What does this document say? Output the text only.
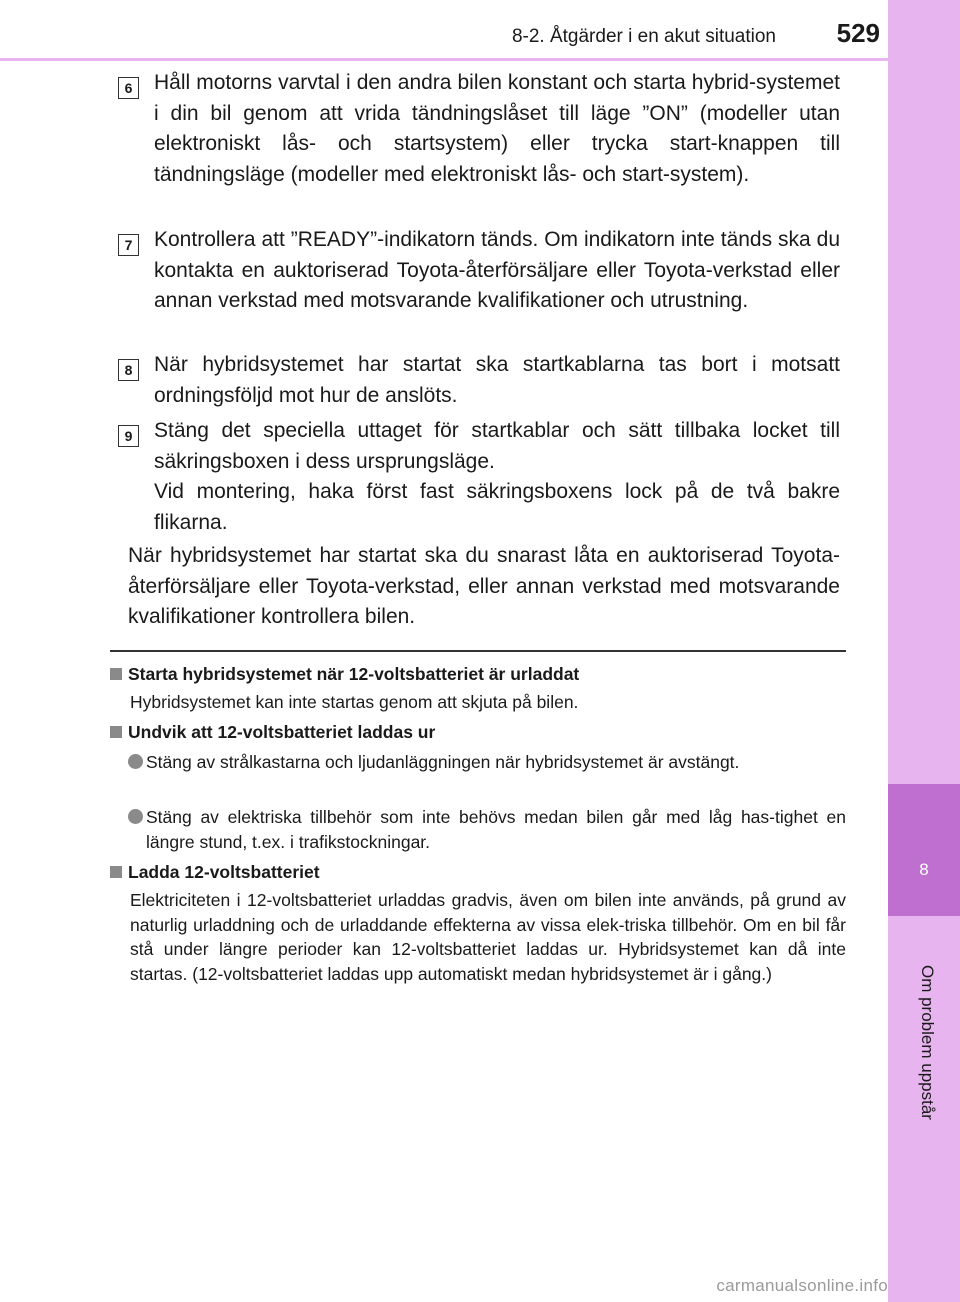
8-2. Åtgärder i en akut situation	529
8
Om problem uppstår
6	Håll motorns varvtal i den andra bilen konstant och starta hybrid-systemet i din bil genom att vrida tändningslåset till läge ”ON” (modeller utan elektroniskt lås- och startsystem) eller trycka start-knappen till tändningsläge (modeller med elektroniskt lås- och start-system).

7	Kontrollera att ”READY”-indikatorn tänds. Om indikatorn inte tänds ska du kontakta en auktoriserad Toyota-återförsäljare eller Toyota-verkstad eller annan verkstad med motsvarande kvalifikationer och utrustning.

8	När hybridsystemet har startat ska startkablarna tas bort i motsatt ordningsföljd mot hur de anslöts.

9	Stäng det speciella uttaget för startkablar och sätt tillbaka locket till säkringsboxen i dess ursprungsläge.

Vid montering, haka först fast säkringsboxens lock på de två bakre flikarna.

När hybridsystemet har startat ska du snarast låta en auktoriserad Toyota-återförsäljare eller Toyota-verkstad, eller annan verkstad med motsvarande kvalifikationer kontrollera bilen.
Starta hybridsystemet när 12-voltsbatteriet är urladdat
Hybridsystemet kan inte startas genom att skjuta på bilen.
Undvik att 12-voltsbatteriet laddas ur
Stäng av strålkastarna och ljudanläggningen när hybridsystemet är avstängt.
Stäng av elektriska tillbehör som inte behövs medan bilen går med låg has-tighet en längre stund, t.ex. i trafikstockningar.
Ladda 12-voltsbatteriet
Elektriciteten i 12-voltsbatteriet urladdas gradvis, även om bilen inte används, på grund av naturlig urladdning och de urladdande effekterna av vissa elek-triska tillbehör. Om en bil får stå under längre perioder kan 12-voltsbatteriet laddas ur. Hybridsystemet kan då inte startas. (12-voltsbatteriet laddas upp automatiskt medan hybridsystemet är i gång.)
carmanualsonline.info
